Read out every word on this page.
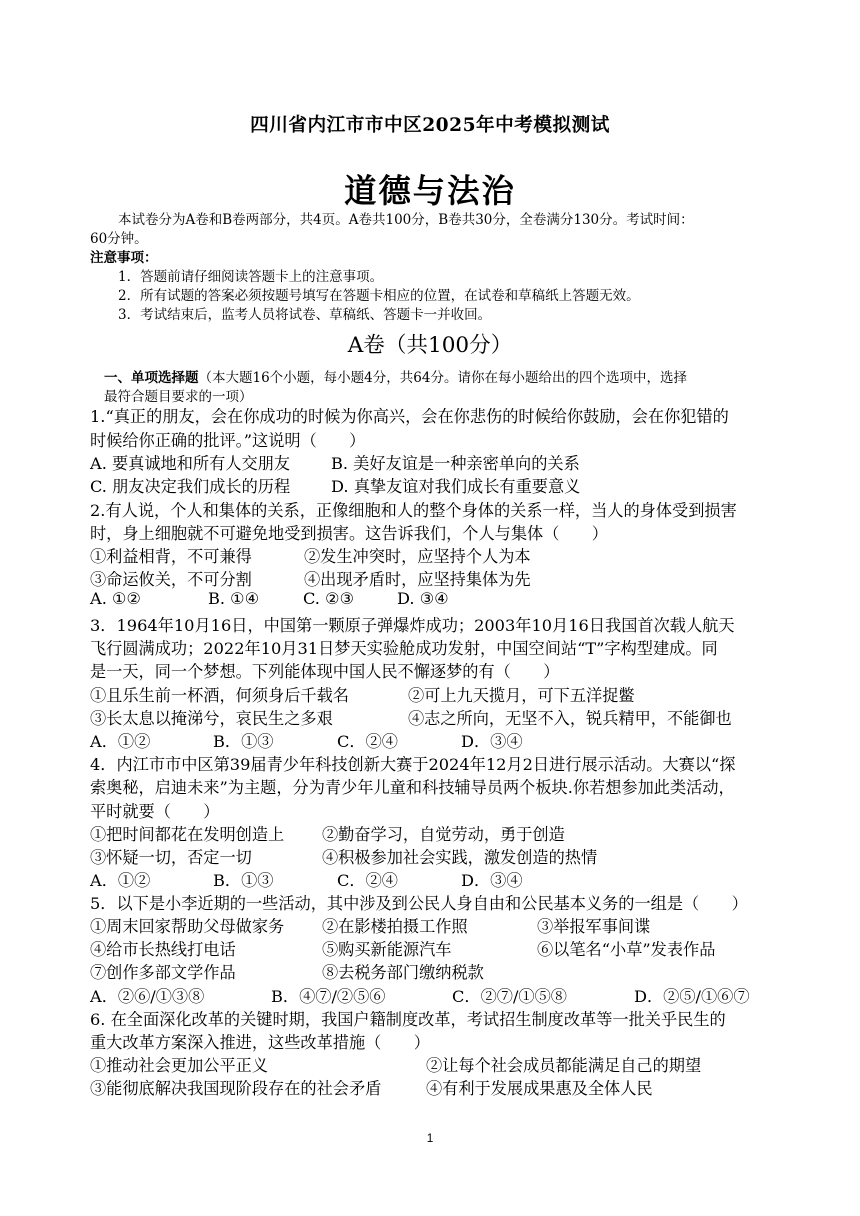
四川省内江市市中区2025年中考模拟测试
道德与法治
本试卷分为A卷和B卷两部分，共4页。A卷共100分，B卷共30分，全卷满分130分。考试时间：
60分钟。
注意事项：
1．答题前请仔细阅读答题卡上的注意事项。
2．所有试题的答案必须按题号填写在答题卡相应的位置，在试卷和草稿纸上答题无效。
3．考试结束后，监考人员将试卷、草稿纸、答题卡一并收回。
A卷（共100分）
一、单项选择题（本大题16个小题，每小题4分，共64分。请你在每小题给出的四个选项中，选择
最符合题目要求的一项）
1.“真正的朋友，会在你成功的时候为你高兴，会在你悲伤的时候给你鼓励，会在你犯错的
时候给你正确的批评。”这说明（　　）
A. 要真诚地和所有人交朋友	B. 美好友谊是一种亲密单向的关系
C. 朋友决定我们成长的历程	D. 真挚友谊对我们成长有重要意义
2.有人说，个人和集体的关系，正像细胞和人的整个身体的关系一样，当人的身体受到损害
时，身上细胞就不可避免地受到损害。这告诉我们，个人与集体（　　）
①利益相背，不可兼得	②发生冲突时，应坚持个人为本
③命运攸关，不可分割	④出现矛盾时，应坚持集体为先
A. ①②	B. ①④	C. ②③	D. ③④
3．1964年10月16日，中国第一颗原子弹爆炸成功；2003年10月16日我国首次载人航天
飞行圆满成功；2022年10月31日梦天实验舱成功发射，中国空间站“T”字构型建成。同
是一天，同一个梦想。下列能体现中国人民不懈逐梦的有（　　）
①且乐生前一杯酒，何须身后千载名	②可上九天揽月，可下五洋捉鳖
③长太息以掩涕兮，哀民生之多艰	④志之所向，无坚不入，锐兵精甲，不能御也
A．①②	B．①③	C．②④	D．③④
4．内江市市中区第39届青少年科技创新大赛于2024年12月2日进行展示活动。大赛以“探
索奥秘，启迪未来”为主题，分为青少年儿童和科技辅导员两个板块.你若想参加此类活动，
平时就要（　　）
①把时间都花在发明创造上 ②勤奋学习，自觉劳动，勇于创造
③怀疑一切，否定一切	④积极参加社会实践，激发创造的热情
A．①②	B．①③	C．②④	D．③④
5．以下是小李近期的一些活动，其中涉及到公民人身自由和公民基本义务的一组是（　　）
①周末回家帮助父母做家务 ②在影楼拍摄工作照	③举报军事间谍
④给市长热线打电话	⑤购买新能源汽车	⑥以笔名“小草”发表作品
⑦创作多部文学作品	⑧去税务部门缴纳税款
A．②⑥/①③⑧	B．④⑦/②⑤⑥	C．②⑦/①⑤⑧	D．②⑤/①⑥⑦
6. 在全面深化改革的关键时期，我国户籍制度改革，考试招生制度改革等一批关乎民生的
重大改革方案深入推进，这些改革措施（　　）
①推动社会更加公平正义	②让每个社会成员都能满足自己的期望
③能彻底解决我国现阶段存在的社会矛盾	④有利于发展成果惠及全体人民
1
